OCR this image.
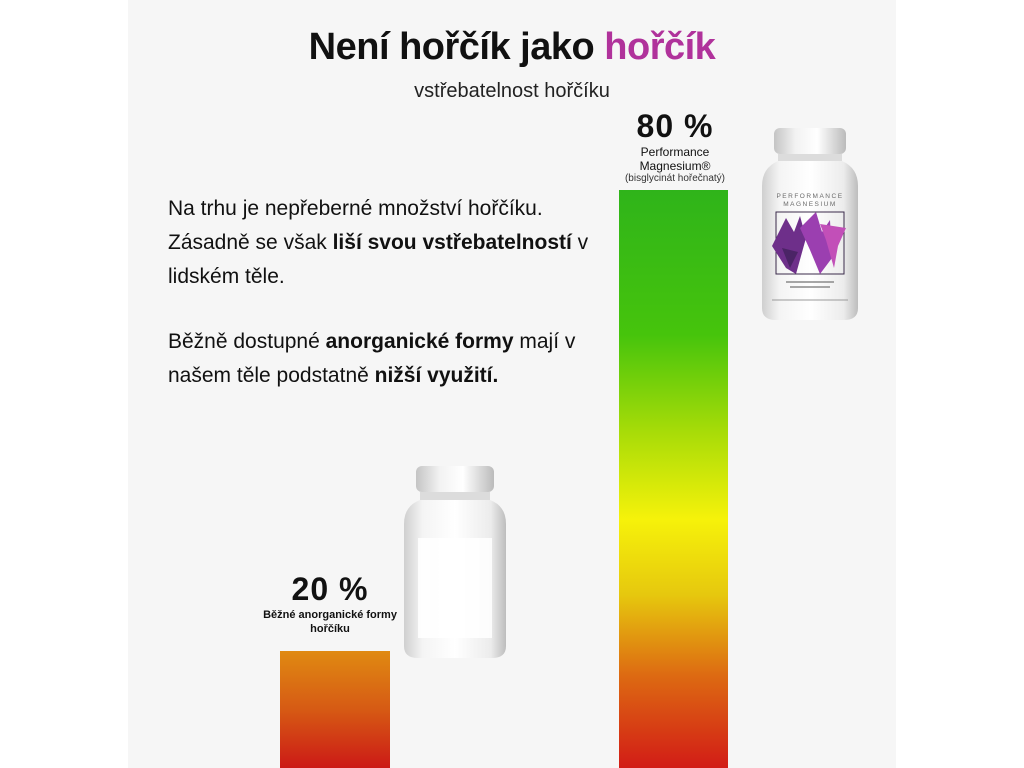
Není hořčík jako hořčík

vstřebatelnost hořčíku

Na trhu je nepřeberné množství hořčíku. Zásadně se však liší svou vstřebatelností v lidském těle.

Běžně dostupné anorganické formy mají v našem těle podstatně nižší využití.

PERFORMANCE
MAGNESIUM
20 %
Běžné anorganické formy hořčíku
80 %
Performance Magnesium®
(bisglycinát hořečnatý)
